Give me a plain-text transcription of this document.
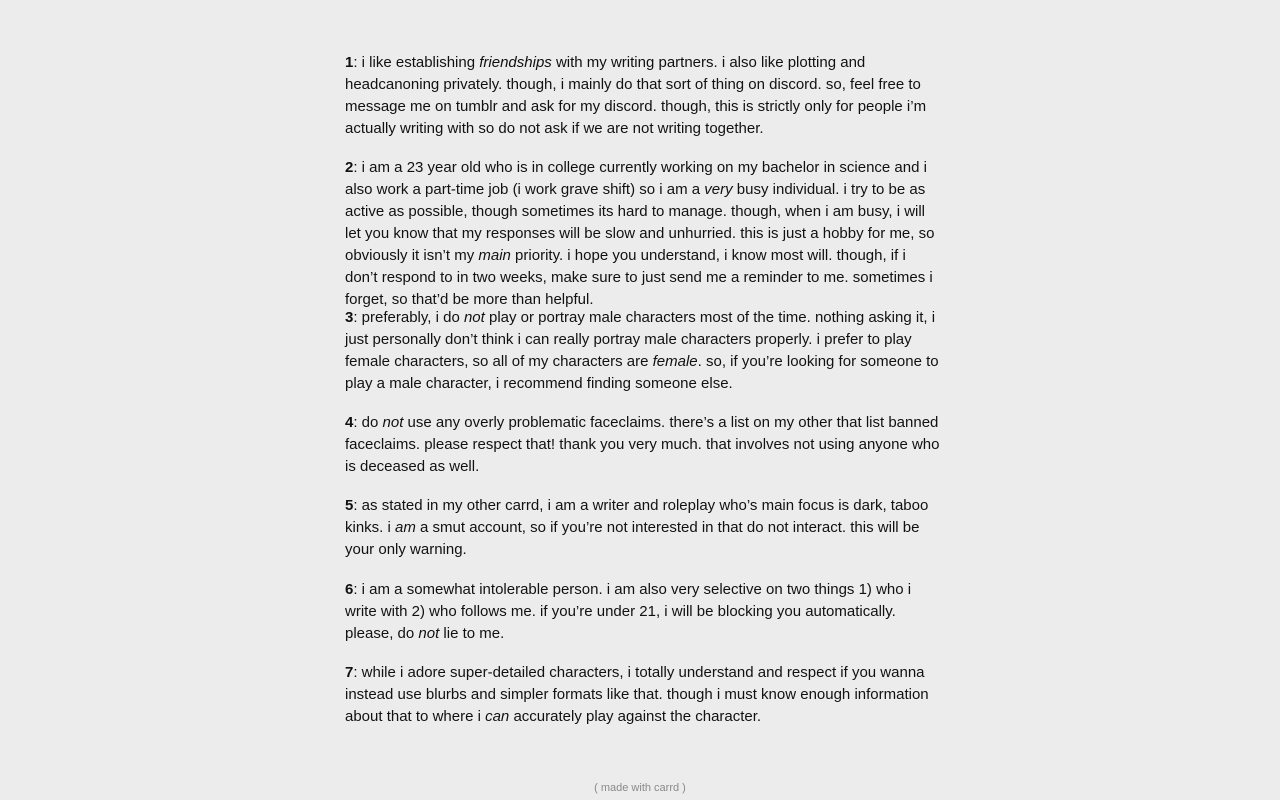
1: i like establishing friendships with my writing partners. i also like plotting and headcanoning privately. though, i mainly do that sort of thing on discord. so, feel free to message me on tumblr and ask for my discord. though, this is strictly only for people i’m actually writing with so do not ask if we are not writing together.

2: i am a 23 year old who is in college currently working on my bachelor in science and i also work a part-time job (i work grave shift) so i am a very busy individual. i try to be as active as possible, though sometimes its hard to manage. though, when i am busy, i will let you know that my responses will be slow and unhurried. this is just a hobby for me, so obviously it isn’t my main priority. i hope you understand, i know most will. though, if i don’t respond to in two weeks, make sure to just send me a reminder to me. sometimes i forget, so that’d be more than helpful.

3: preferably, i do not play or portray male characters most of the time. nothing asking it, i just personally don’t think i can really portray male characters properly. i prefer to play female characters, so all of my characters are female. so, if you’re looking for someone to play a male character, i recommend finding someone else.

4: do not use any overly problematic faceclaims. there’s a list on my other that list banned faceclaims. please respect that! thank you very much. that involves not using anyone who is deceased as well.

5: as stated in my other carrd, i am a writer and roleplay who’s main focus is dark, taboo kinks. i am a smut account, so if you’re not interested in that do not interact. this will be your only warning.

6: i am a somewhat intolerable person. i am also very selective on two things 1) who i write with 2) who follows me. if you’re under 21, i will be blocking you automatically. please, do not lie to me.

7: while i adore super-detailed characters, i totally understand and respect if you wanna instead use blurbs and simpler formats like that. though i must know enough information about that to where i can accurately play against the character.

( made with carrd )
